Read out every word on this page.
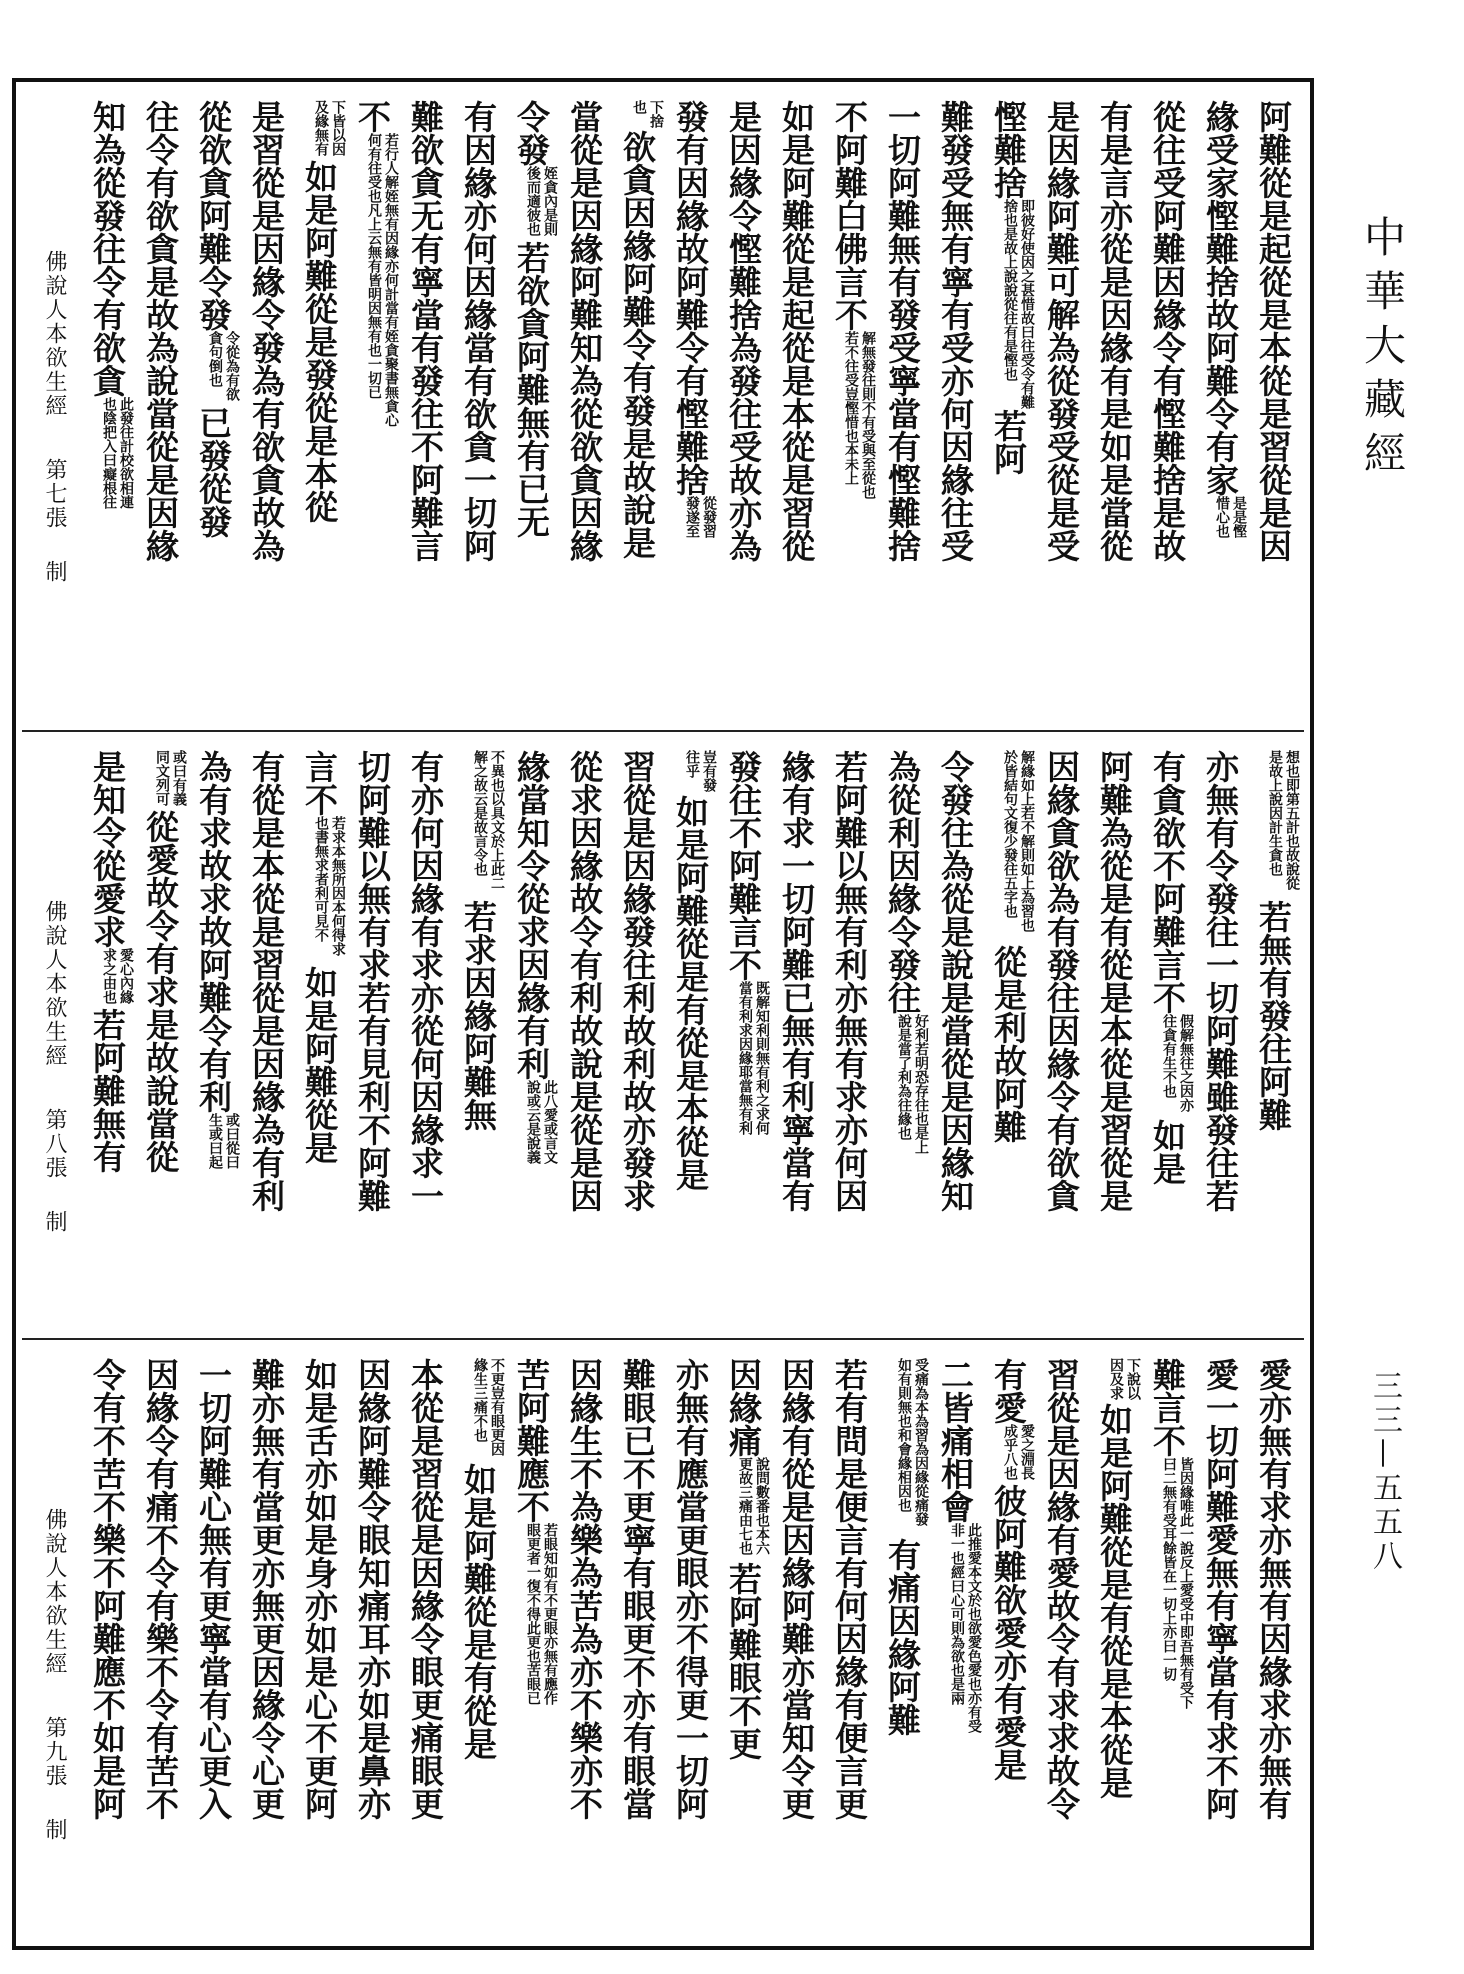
阿難從是起從是本從是習從是因
緣受家慳難捨故阿難令有家是是慳惜心也
從往受阿難因緣令有慳難捨是故
有是言亦從是因緣有是如是當從
是因緣阿難可解為從發受從是受
慳難捨即彼好使因之甚惜故曰往受令有難捨也是故上說說從往有是慳也若阿
難發受無有寧有受亦何因緣往受
一切阿難無有發受寧當有慳難捨
不阿難白佛言不解無發往則不有受與至從也若不往受豈慳惜也本未上
如是阿難從是起從是本從是習從
是因緣令慳難捨為發往受故亦為
發有因緣故阿難令有慳難捨從發習發遂至
下捨也欲貪因緣阿難令有發是故說是
當從是因緣阿難知為從欲貪因緣
令發姪貪內是則後而適彼也若欲貪阿難無有已无
有因緣亦何因緣當有欲貪一切阿
難欲貪无有寧當有發往不阿難言
不若行人解姪無有因緣亦何計當有姪貪聚書無貪心何有往受也凡上云無有皆明因無有也一切已
下皆以因及緣無有如是阿難從是發從是本從
是習從是因緣令發為有欲貪故為
從欲貪阿難令發令從為有欲貪句倒也已發從發
往令有欲貪是故為說當從是因緣
知為從發往令有欲貪此發往計校欲相連也陰把入曰癡根往
佛說人本欲生經第七張制
想也即第五計也故說從是故上說因計生貪也若無有發往阿難
亦無有令發往一切阿難雖發往若
有貪欲不阿難言不假解無往之因亦往貪有生不也如是
阿難為從是有從是本從是習從是
因緣貪欲為有發往因緣令有欲貪
解緣如上若不解則如上為習也於皆結句文復少發往五字也從是利故阿難
令發往為從是說是當從是因緣知
為從利因緣令發往好利若明恐存往也是上說是當了利為往緣也
若阿難以無有利亦無有求亦何因
緣有求一切阿難已無有利寧當有
發往不阿難言不既解知利則無有利之求何當有利求因緣耶當無有利
豈有發往乎如是阿難從是有從是本從是
習從是因緣發往利故利故亦發求
從求因緣故令有利故說是從是因
緣當知令從求因緣有利此八愛或言文說或云是說義
不異也以具文於上此二解之故云是故言令也若求因緣阿難無
有亦何因緣有求亦從何因緣求一
切阿難以無有求若有見利不阿難
言不若求本無所因本何得求也書無求者利可見不如是阿難從是
有從是本從是習從是因緣為有利
為有求故求故阿難令有利或曰從曰生或曰起
或曰有義同文列可從愛故令有求是故說當從
是知令從愛求愛心內緣求之由也若阿難無有
佛說人本欲生經第八張制
愛亦無有求亦無有因緣求亦無有
愛一切阿難愛無有寧當有求不阿
難言不皆因緣唯此一說反上愛受中即吾無有受下曰二無有受耳餘皆在一切上亦曰一切
下說以因及求如是阿難從是有從是本從是
習從是因緣有愛故令有求求故令
有愛愛之淵長成乎八也彼阿難欲愛亦有愛是
二皆痛相會此推愛本文於也欲愛色愛也亦有受非一也經曰心可則為欲也是兩
受痛為本為習為因緣從痛發如有則無也和會緣相因也有痛因緣阿難
若有問是便言有何因緣有便言更
因緣有從是因緣阿難亦當知令更
因緣痛說問數番也本六更故三痛由七也若阿難眼不更
亦無有應當更眼亦不得更一切阿
難眼已不更寧有眼更不亦有眼當
因緣生不為樂為苦為亦不樂亦不
苦阿難應不若眼知如有不更眼亦無有應作眼更者一復不得此更也苦眼已
不更豈有眼更因緣生三痛不也如是阿難從是有從是
本從是習從是因緣令眼更痛眼更
因緣阿難令眼知痛耳亦如是鼻亦
如是舌亦如是身亦如是心不更阿
難亦無有當更亦無更因緣令心更
一切阿難心無有更寧當有心更入
因緣令有痛不令有樂不令有苦不
令有不苦不樂不阿難應不如是阿
佛說人本欲生經第九張制
中華大藏經
三三—五五八
